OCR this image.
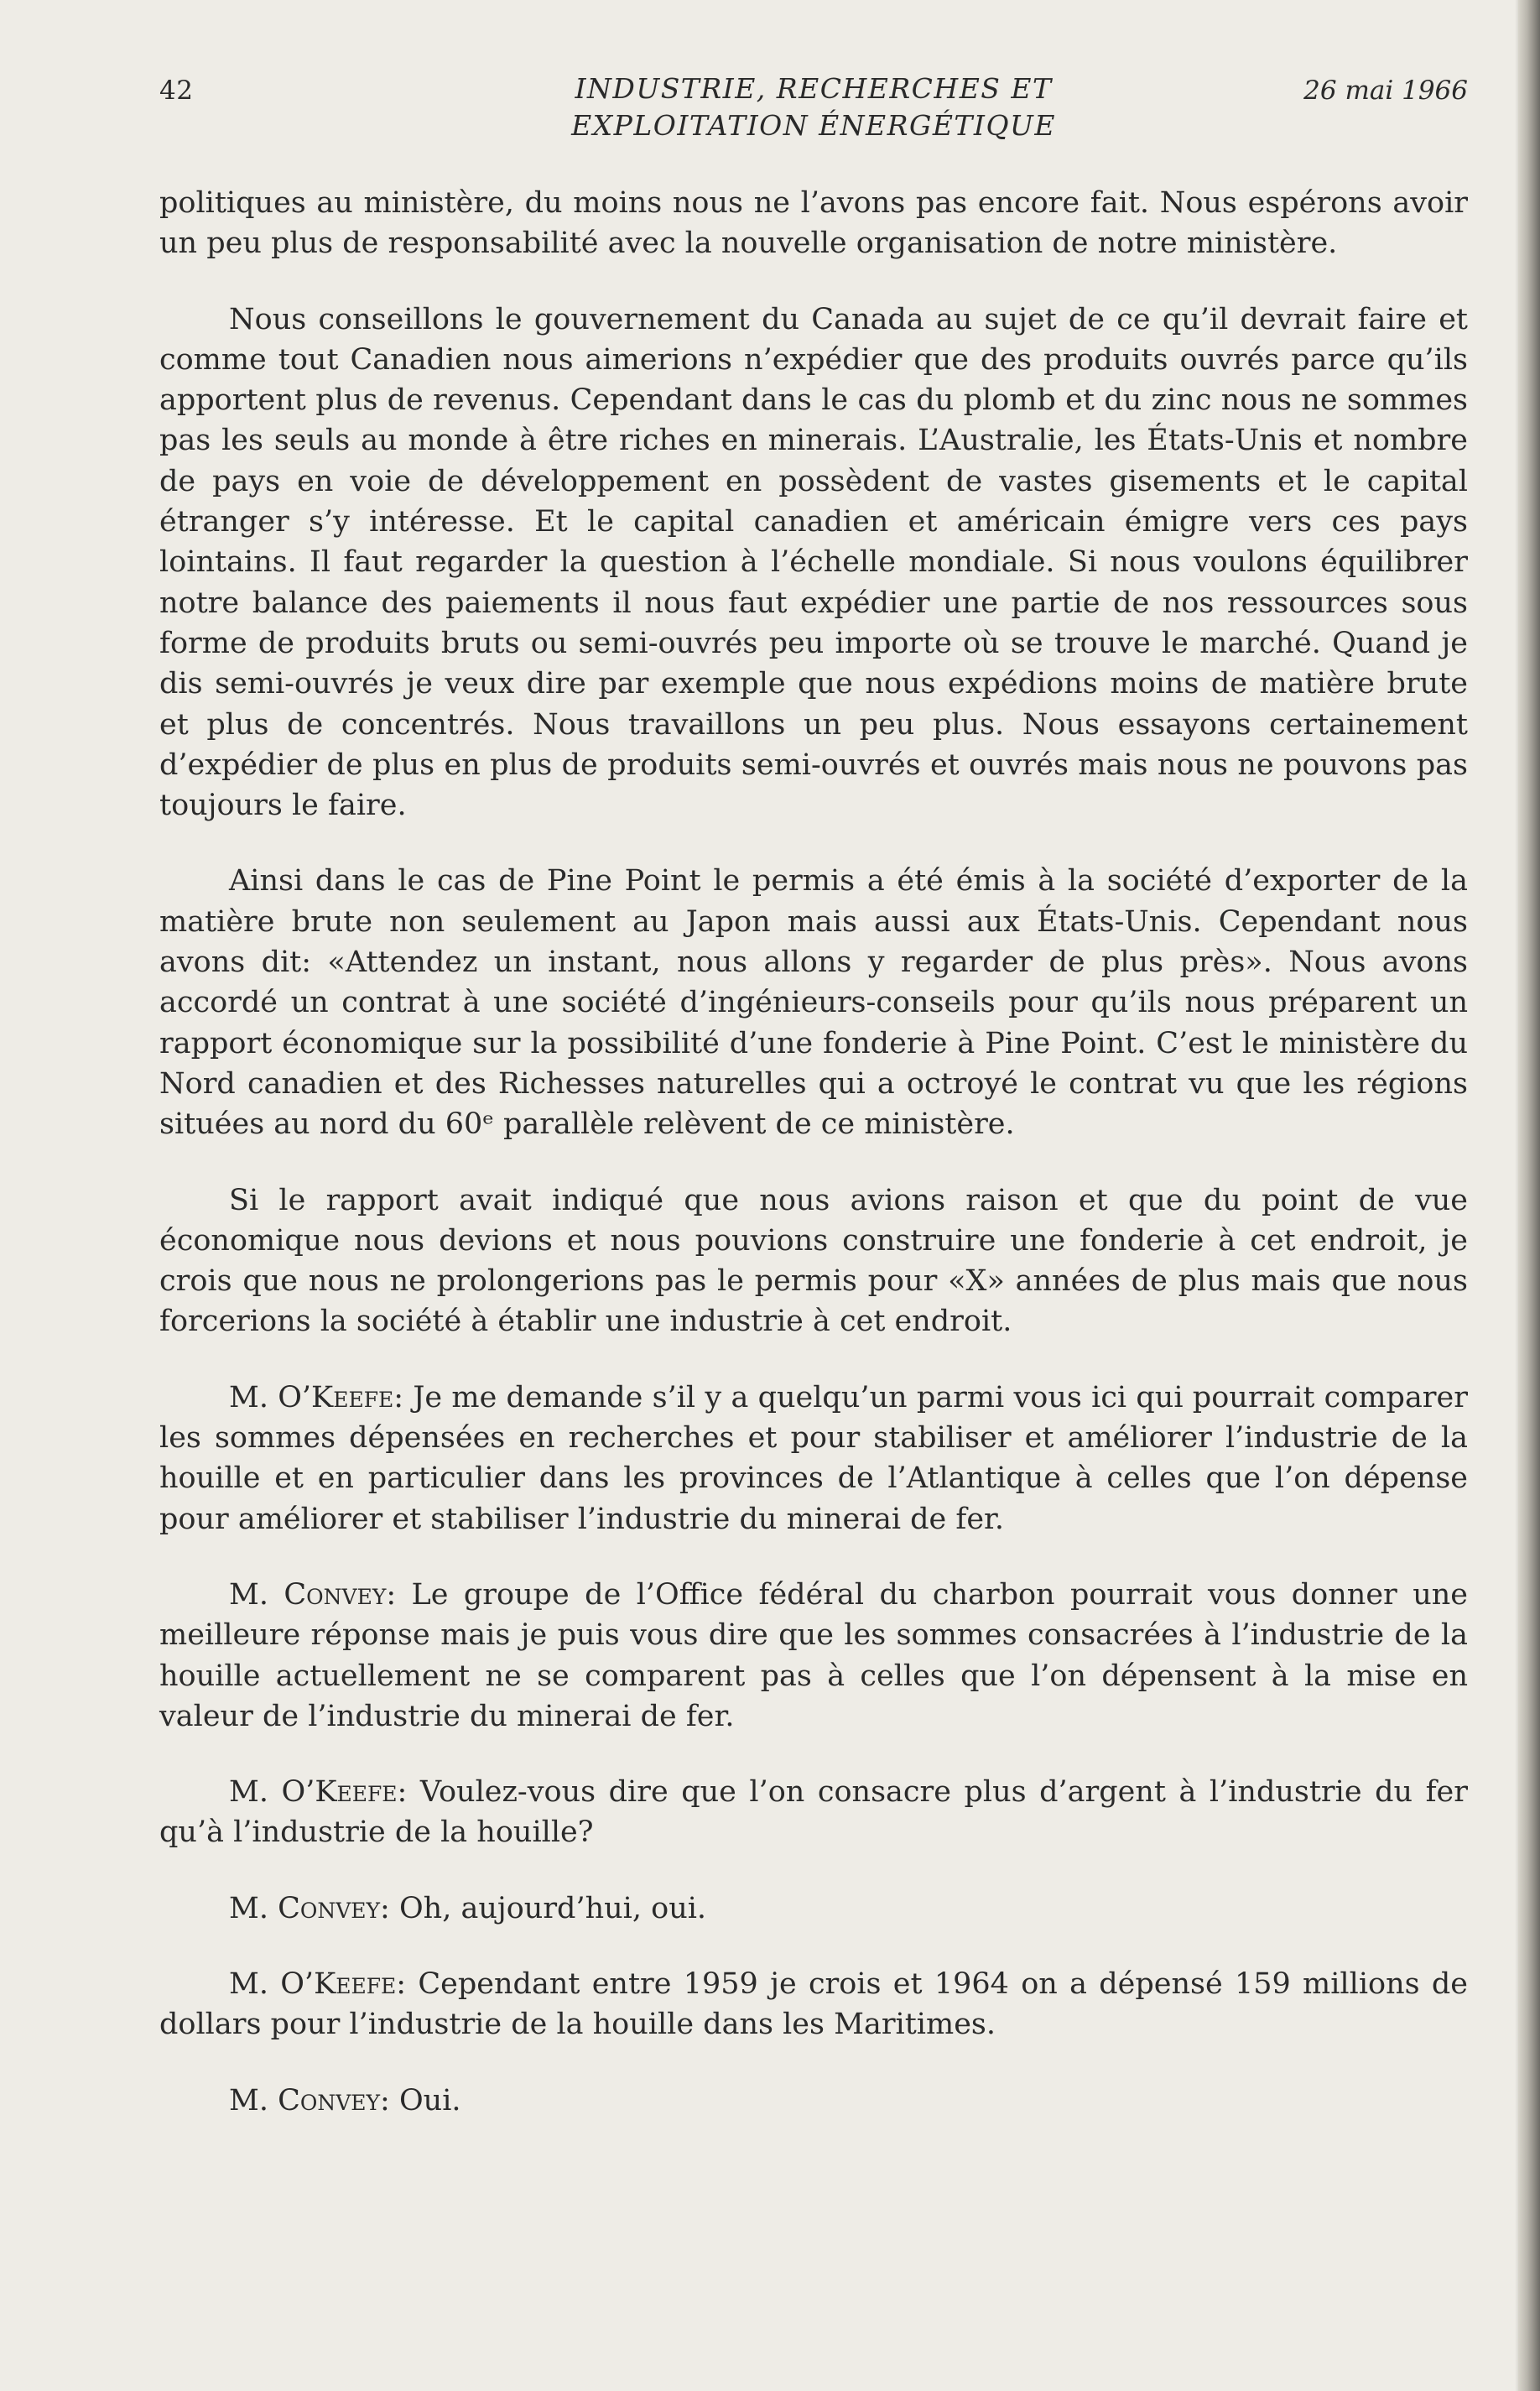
42	INDUSTRIE, RECHERCHES ET
EXPLOITATION ÉNERGÉTIQUE
26 mai 1966

politiques au ministère, du moins nous ne l’avons pas encore fait. Nous espérons avoir un peu plus de responsabilité avec la nouvelle organisation de notre ministère.

Nous conseillons le gouvernement du Canada au sujet de ce qu’il devrait faire et comme tout Canadien nous aimerions n’expédier que des produits ouvrés parce qu’ils apportent plus de revenus. Cependant dans le cas du plomb et du zinc nous ne sommes pas les seuls au monde à être riches en minerais. L’Australie, les États-Unis et nombre de pays en voie de développement en possèdent de vastes gisements et le capital étranger s’y intéresse. Et le capital canadien et américain émigre vers ces pays lointains. Il faut regarder la question à l’échelle mondiale. Si nous voulons équilibrer notre balance des paiements il nous faut expédier une partie de nos ressources sous forme de produits bruts ou semi-ouvrés peu importe où se trouve le marché. Quand je dis semi-ouvrés je veux dire par exemple que nous expédions moins de matière brute et plus de concentrés. Nous travaillons un peu plus. Nous essayons certainement d’expédier de plus en plus de produits semi-ouvrés et ouvrés mais nous ne pouvons pas toujours le faire.

Ainsi dans le cas de Pine Point le permis a été émis à la société d’exporter de la matière brute non seulement au Japon mais aussi aux États-Unis. Cependant nous avons dit: «Attendez un instant, nous allons y regarder de plus près». Nous avons accordé un contrat à une société d’ingénieurs-conseils pour qu’ils nous préparent un rapport économique sur la possibilité d’une fonderie à Pine Point. C’est le ministère du Nord canadien et des Richesses naturelles qui a octroyé le contrat vu que les régions situées au nord du 60ᵉ parallèle relèvent de ce ministère.

Si le rapport avait indiqué que nous avions raison et que du point de vue économique nous devions et nous pouvions construire une fonderie à cet endroit, je crois que nous ne prolongerions pas le permis pour «X» années de plus mais que nous forcerions la société à établir une industrie à cet endroit.

M. O’Keefe: Je me demande s’il y a quelqu’un parmi vous ici qui pourrait comparer les sommes dépensées en recherches et pour stabiliser et améliorer l’industrie de la houille et en particulier dans les provinces de l’Atlantique à celles que l’on dépense pour améliorer et stabiliser l’industrie du minerai de fer.

M. Convey: Le groupe de l’Office fédéral du charbon pourrait vous donner une meilleure réponse mais je puis vous dire que les sommes consacrées à l’industrie de la houille actuellement ne se comparent pas à celles que l’on dépensent à la mise en valeur de l’industrie du minerai de fer.

M. O’Keefe: Voulez-vous dire que l’on consacre plus d’argent à l’industrie du fer qu’à l’industrie de la houille?

M. Convey: Oh, aujourd’hui, oui.

M. O’Keefe: Cependant entre 1959 je crois et 1964 on a dépensé 159 millions de dollars pour l’industrie de la houille dans les Maritimes.

M. Convey: Oui.
